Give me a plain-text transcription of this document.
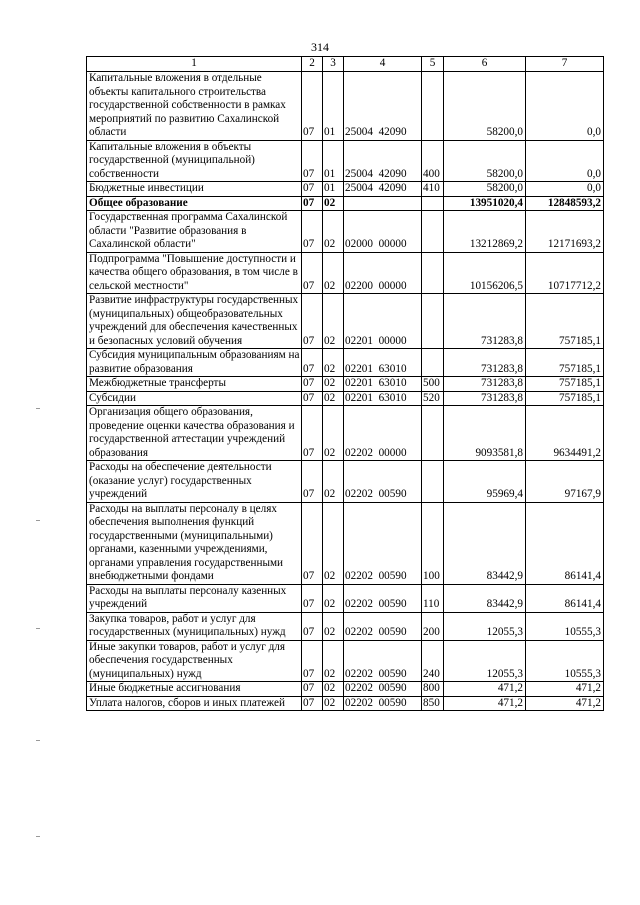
314
1	2	3	4	5	6	7
Капитальные вложения в отдельные объекты капитального строительства государственной собственности в рамках мероприятий по развитию Сахалинской области	07	01	25004 42090		58200,0	0,0
Капитальные вложения в объекты государственной (муниципальной) собственности	07	01	25004 42090	400	58200,0	0,0
Бюджетные инвестиции	07	01	25004 42090	410	58200,0	0,0
Общее образование	07	02			13951020,4	12848593,2
Государственная программа Сахалинской области "Развитие образования в Сахалинской области"	07	02	02000 00000		13212869,2	12171693,2
Подпрограмма "Повышение доступности и качества общего образования, в том числе в сельской местности"	07	02	02200 00000		10156206,5	10717712,2
Развитие инфраструктуры государственных (муниципальных) общеобразовательных учреждений для обеспечения качественных и безопасных условий обучения	07	02	02201 00000		731283,8	757185,1
Субсидия муниципальным образованиям на развитие образования	07	02	02201 63010		731283,8	757185,1
Межбюджетные трансферты	07	02	02201 63010	500	731283,8	757185,1
Субсидии	07	02	02201 63010	520	731283,8	757185,1
Организация общего образования, проведение оценки качества образования и государственной аттестации учреждений образования	07	02	02202 00000		9093581,8	9634491,2
Расходы на обеспечение деятельности (оказание услуг) государственных учреждений	07	02	02202 00590		95969,4	97167,9
Расходы на выплаты персоналу в целях обеспечения выполнения функций государственными (муниципальными) органами, казенными учреждениями, органами управления государственными внебюджетными фондами	07	02	02202 00590	100	83442,9	86141,4
Расходы на выплаты персоналу казенных учреждений	07	02	02202 00590	110	83442,9	86141,4
Закупка товаров, работ и услуг для государственных (муниципальных) нужд	07	02	02202 00590	200	12055,3	10555,3
Иные закупки товаров, работ и услуг для обеспечения государственных (муниципальных) нужд	07	02	02202 00590	240	12055,3	10555,3
Иные бюджетные ассигнования	07	02	02202 00590	800	471,2	471,2
Уплата налогов, сборов и иных платежей	07	02	02202 00590	850	471,2	471,2
